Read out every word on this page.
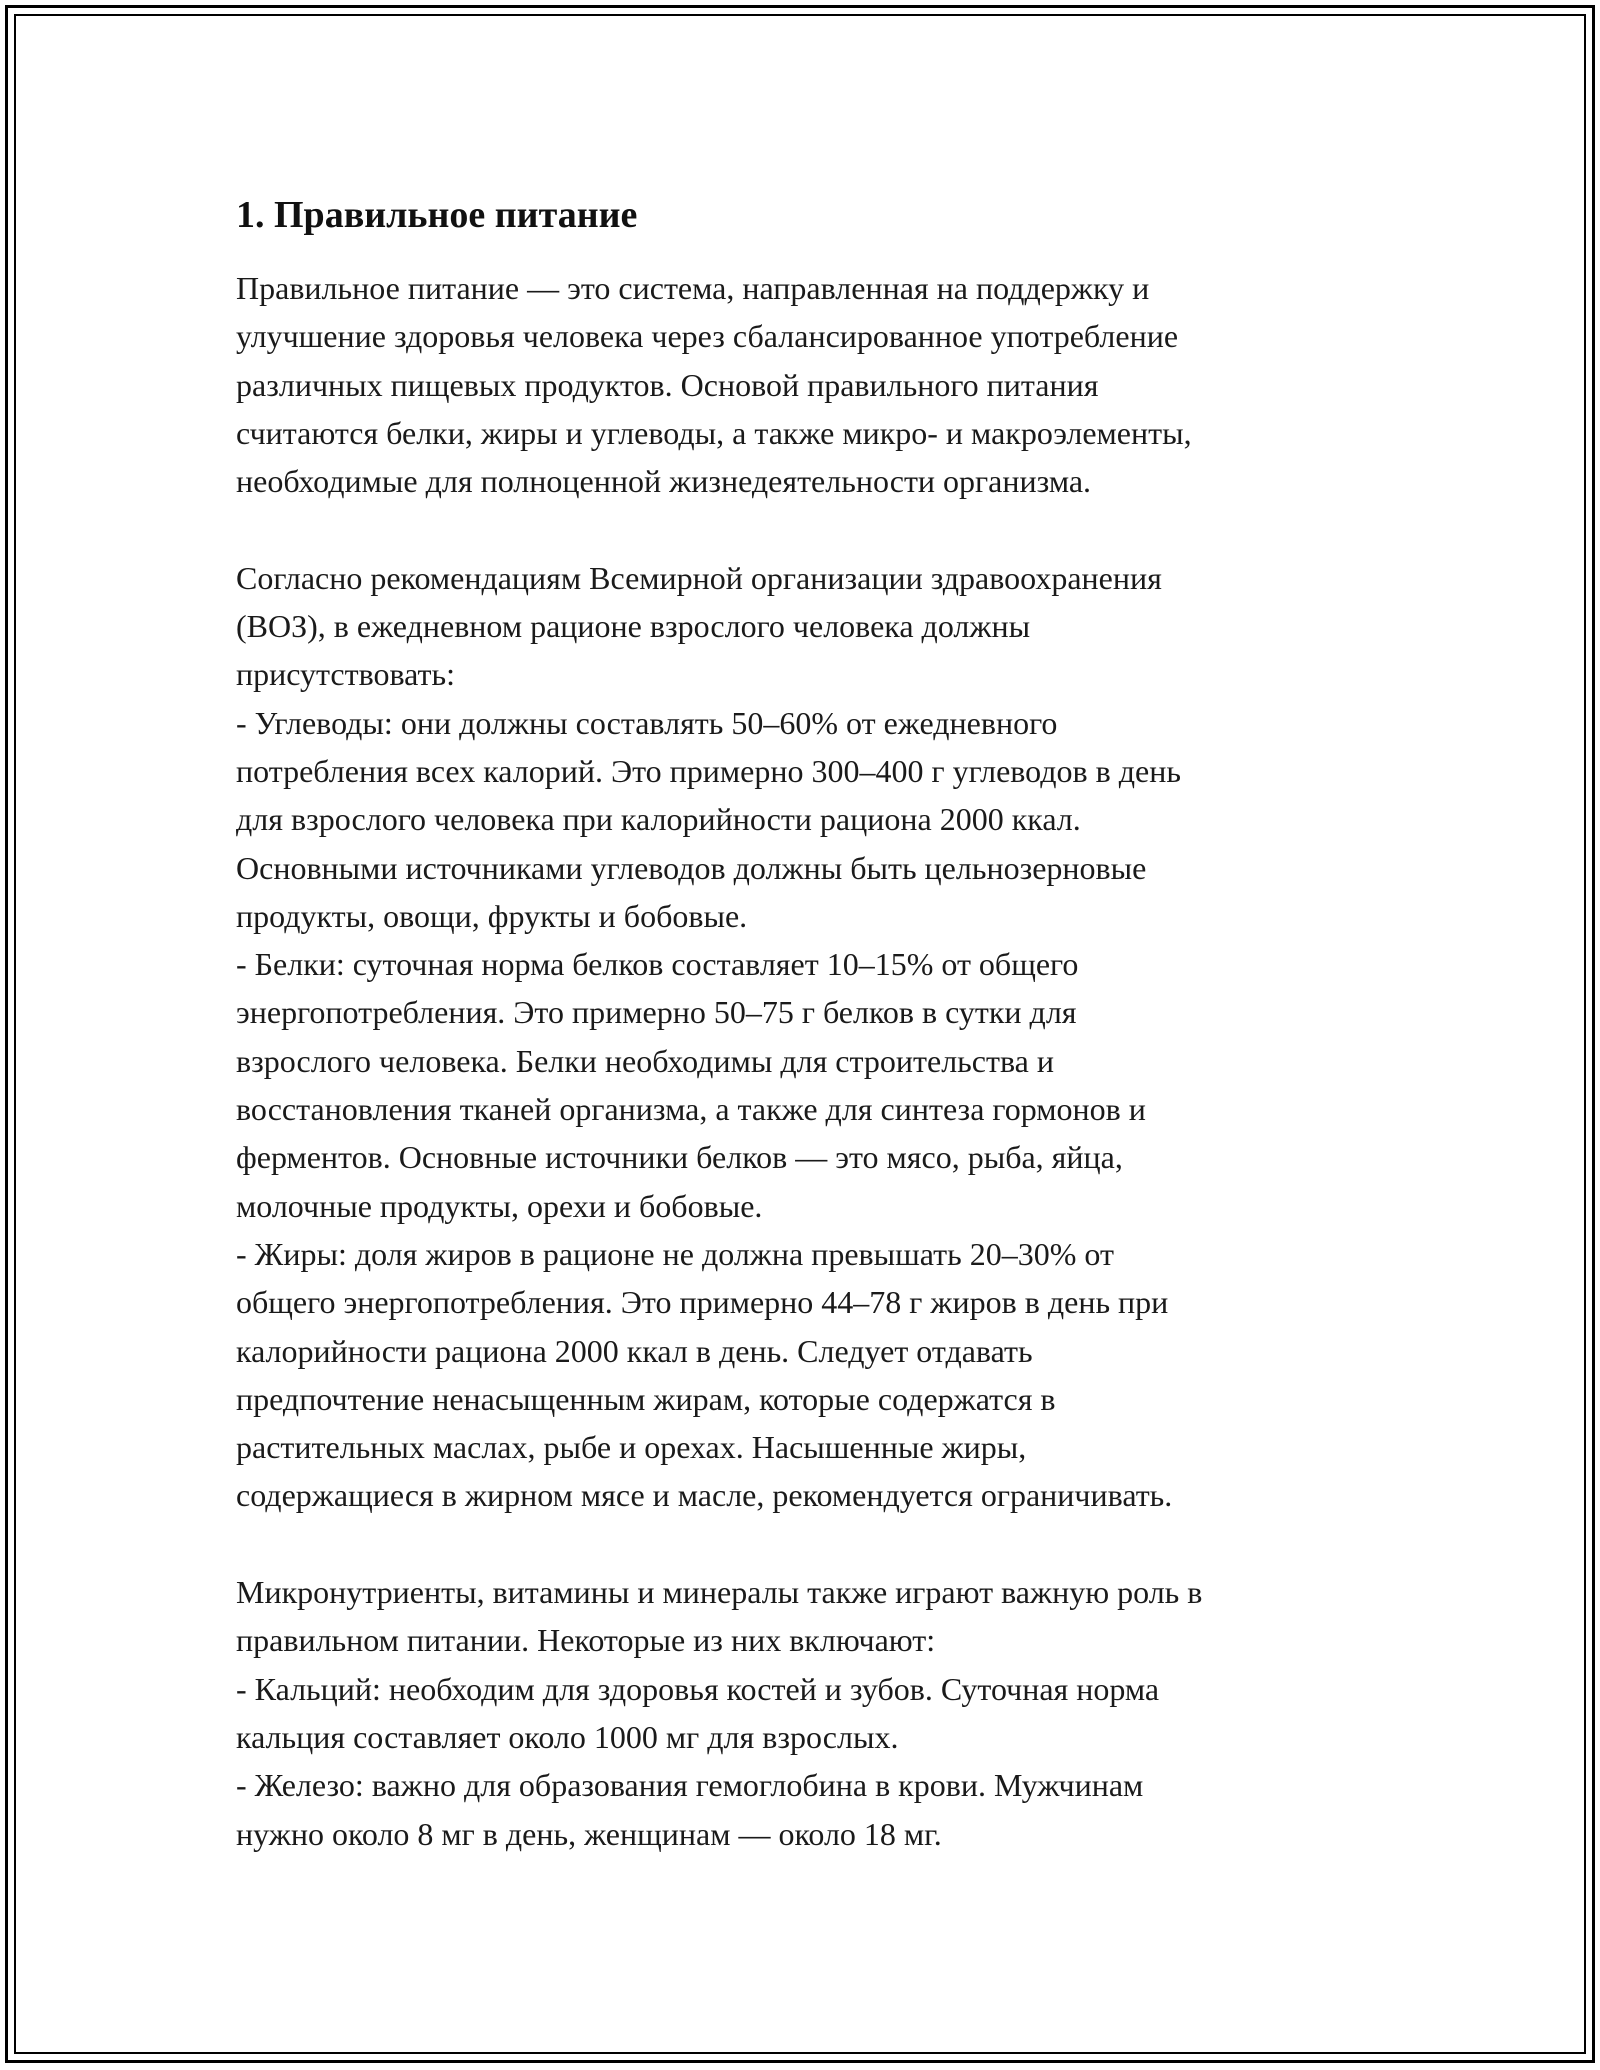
1. Правильное питание

Правильное питание — это система, направленная на поддержку и
улучшение здоровья человека через сбалансированное употребление
различных пищевых продуктов. Основой правильного питания
считаются белки, жиры и углеводы, а также микро- и макроэлементы,
необходимые для полноценной жизнедеятельности организма.

Согласно рекомендациям Всемирной организации здравоохранения
(ВОЗ), в ежедневном рационе взрослого человека должны
присутствовать:
- Углеводы: они должны составлять 50–60% от ежедневного
потребления всех калорий. Это примерно 300–400 г углеводов в день
для взрослого человека при калорийности рациона 2000 ккал.
Основными источниками углеводов должны быть цельнозерновые
продукты, овощи, фрукты и бобовые.
- Белки: суточная норма белков составляет 10–15% от общего
энергопотребления. Это примерно 50–75 г белков в сутки для
взрослого человека. Белки необходимы для строительства и
восстановления тканей организма, а также для синтеза гормонов и
ферментов. Основные источники белков — это мясо, рыба, яйца,
молочные продукты, орехи и бобовые.
- Жиры: доля жиров в рационе не должна превышать 20–30% от
общего энергопотребления. Это примерно 44–78 г жиров в день при
калорийности рациона 2000 ккал в день. Следует отдавать
предпочтение ненасыщенным жирам, которые содержатся в
растительных маслах, рыбе и орехах. Насышенные жиры,
содержащиеся в жирном мясе и масле, рекомендуется ограничивать.

Микронутриенты, витамины и минералы также играют важную роль в
правильном питании. Некоторые из них включают:
- Кальций: необходим для здоровья костей и зубов. Суточная норма
кальция составляет около 1000 мг для взрослых.
- Железо: важно для образования гемоглобина в крови. Мужчинам
нужно около 8 мг в день, женщинам — около 18 мг.
